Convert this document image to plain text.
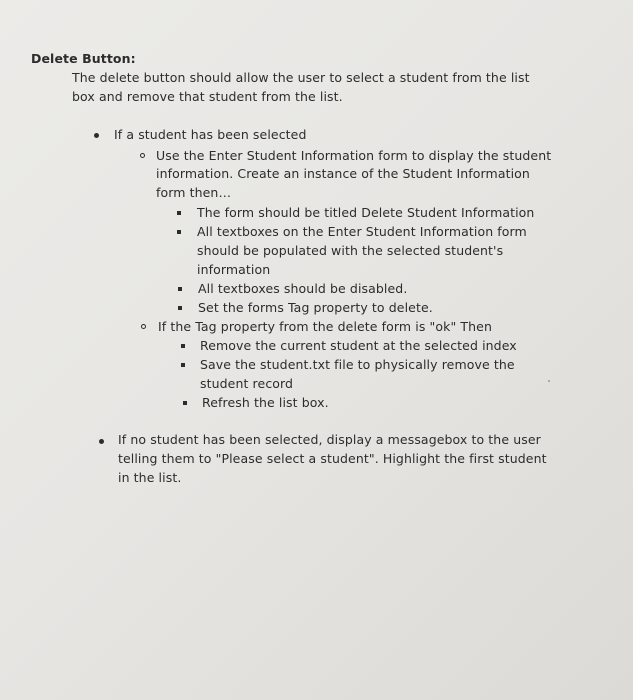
Delete Button:
The delete button should allow the user to select a student from the list
box and remove that student from the list.
If a student has been selected
Use the Enter Student Information form to display the student
information. Create an instance of the Student Information
form then…
The form should be titled Delete Student Information
All textboxes on the Enter Student Information form
should be populated with the selected student's
information
All textboxes should be disabled.
Set the forms Tag property to delete.
If the Tag property from the delete form is "ok" Then
Remove the current student at the selected index
Save the student.txt file to physically remove the
student record
Refresh the list box.
If no student has been selected, display a messagebox to the user
telling them to "Please select a student". Highlight the first student
in the list.
